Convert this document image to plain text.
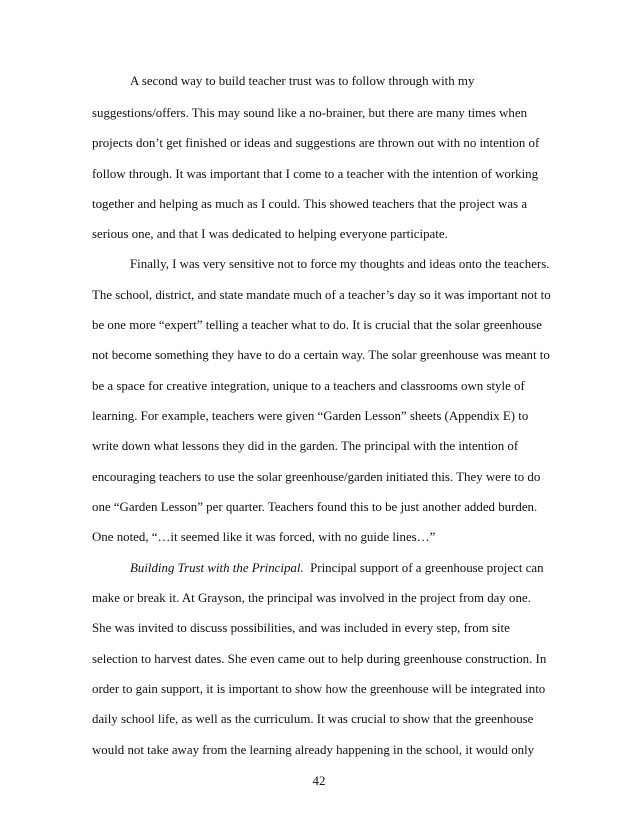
A second way to build teacher trust was to follow through with my
suggestions/offers. This may sound like a no-brainer, but there are many times when
projects don’t get finished or ideas and suggestions are thrown out with no intention of
follow through. It was important that I come to a teacher with the intention of working
together and helping as much as I could. This showed teachers that the project was a
serious one, and that I was dedicated to helping everyone participate.
Finally, I was very sensitive not to force my thoughts and ideas onto the teachers.
The school, district, and state mandate much of a teacher’s day so it was important not to
be one more “expert” telling a teacher what to do. It is crucial that the solar greenhouse
not become something they have to do a certain way. The solar greenhouse was meant to
be a space for creative integration, unique to a teachers and classrooms own style of
learning. For example, teachers were given “Garden Lesson” sheets (Appendix E) to
write down what lessons they did in the garden. The principal with the intention of
encouraging teachers to use the solar greenhouse/garden initiated this. They were to do
one “Garden Lesson” per quarter. Teachers found this to be just another added burden.
One noted, “…it seemed like it was forced, with no guide lines…”
Building Trust with the Principal.  Principal support of a greenhouse project can
make or break it. At Grayson, the principal was involved in the project from day one.
She was invited to discuss possibilities, and was included in every step, from site
selection to harvest dates. She even came out to help during greenhouse construction. In
order to gain support, it is important to show how the greenhouse will be integrated into
daily school life, as well as the curriculum. It was crucial to show that the greenhouse
would not take away from the learning already happening in the school, it would only
42
